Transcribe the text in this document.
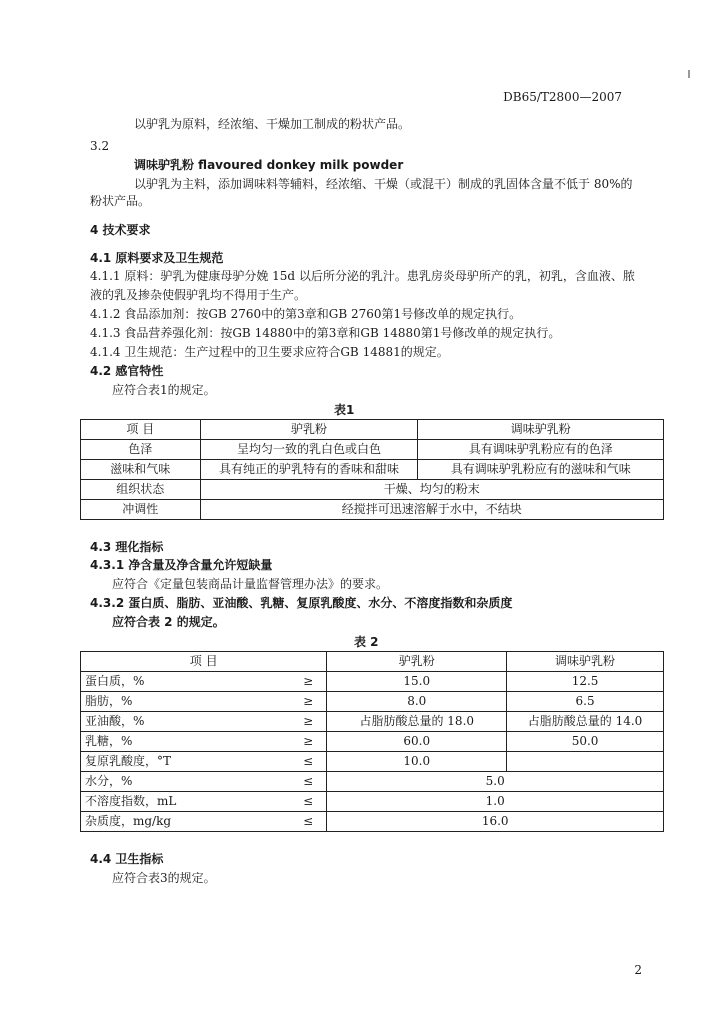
DB65/T2800—2007
以驴乳为原料，经浓缩、干燥加工制成的粉状产品。
3.2
调味驴乳粉 flavoured donkey milk powder
以驴乳为主料，添加调味料等辅料，经浓缩、干燥（或混干）制成的乳固体含量不低于 80%的
粉状产品。
4 技术要求
4.1 原料要求及卫生规范
4.1.1 原料：驴乳为健康母驴分娩 15d 以后所分泌的乳汁。患乳房炎母驴所产的乳，初乳，含血液、脓
液的乳及掺杂使假驴乳均不得用于生产。
4.1.2 食品添加剂：按GB 2760中的第3章和GB 2760第1号修改单的规定执行。
4.1.3 食品营养强化剂：按GB 14880中的第3章和GB 14880第1号修改单的规定执行。
4.1.4 卫生规范：生产过程中的卫生要求应符合GB 14881的规定。
4.2 感官特性
应符合表1的规定。
表1
项 目	驴乳粉	调味驴乳粉
色泽	呈均匀一致的乳白色或白色	具有调味驴乳粉应有的色泽
滋味和气味	具有纯正的驴乳特有的香味和甜味	具有调味驴乳粉应有的滋味和气味
组织状态	干燥、均匀的粉末	
冲调性	经搅拌可迅速溶解于水中，不结块	
4.3 理化指标
4.3.1 净含量及净含量允许短缺量
应符合《定量包装商品计量监督管理办法》的要求。
4.3.2 蛋白质、脂肪、亚油酸、乳糖、复原乳酸度、水分、不溶度指数和杂质度
应符合表 2 的规定。
表 2
项 目		驴乳粉	调味驴乳粉
蛋白质，%	≥	15.0	12.5
脂肪，%	≥	8.0	6.5
亚油酸，%	≥	占脂肪酸总量的 18.0	占脂肪酸总量的 14.0
乳糖，%	≥	60.0	50.0
复原乳酸度，°T	≤	10.0	
水分，%	≤	5.0	
不溶度指数，mL	≤	1.0	
杂质度，mg/kg	≤	16.0	
4.4 卫生指标
应符合表3的规定。
2
